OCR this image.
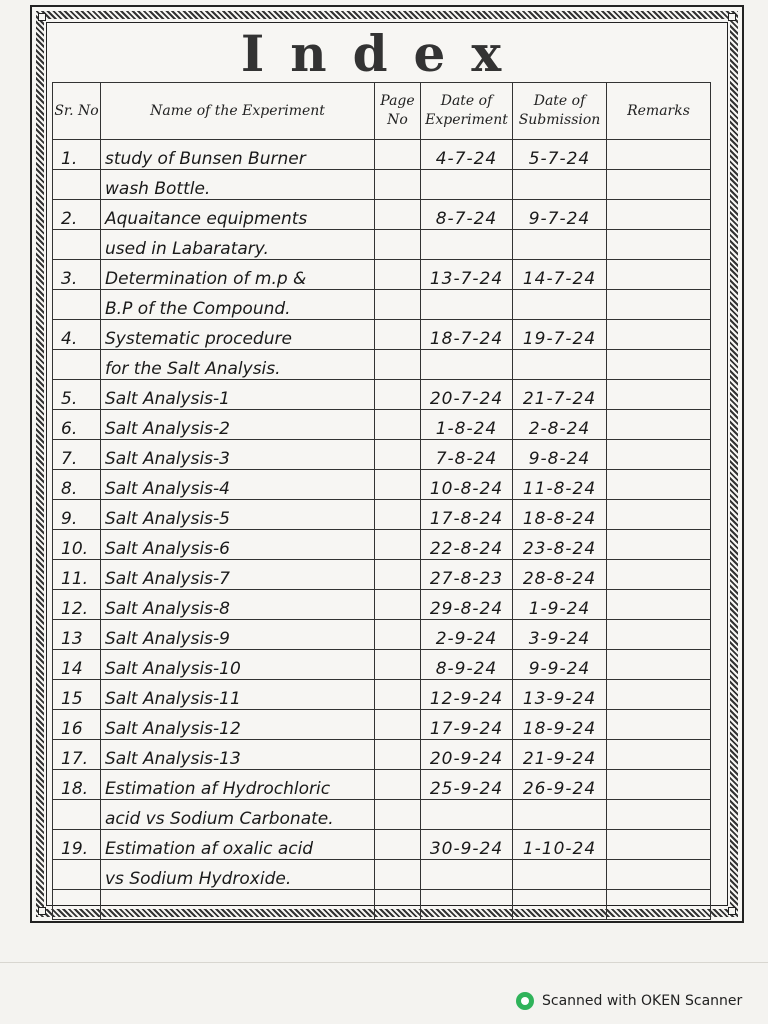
Index
Sr. No	Name of the Experiment	Page No	Date of Experiment	Date of Submission	Remarks
1.	study of Bunsen Burner		4-7-24	5-7-24	
	wash Bottle.				
2.	Aquaitance equipments		8-7-24	9-7-24	
	used in Labaratary.				
3.	Determination of m.p &		13-7-24	14-7-24	
	B.P of the Compound.				
4.	Systematic procedure		18-7-24	19-7-24	
	for the Salt Analysis.				
5.	Salt Analysis-1		20-7-24	21-7-24	
6.	Salt Analysis-2		1-8-24	2-8-24	
7.	Salt Analysis-3		7-8-24	9-8-24	
8.	Salt Analysis-4		10-8-24	11-8-24	
9.	Salt Analysis-5		17-8-24	18-8-24	
10.	Salt Analysis-6		22-8-24	23-8-24	
11.	Salt Analysis-7		27-8-23	28-8-24	
12.	Salt Analysis-8		29-8-24	1-9-24	
13	Salt Analysis-9		2-9-24	3-9-24	
14	Salt Analysis-10		8-9-24	9-9-24	
15	Salt Analysis-11		12-9-24	13-9-24	
16	Salt Analysis-12		17-9-24	18-9-24	
17.	Salt Analysis-13		20-9-24	21-9-24	
18.	Estimation af Hydrochloric		25-9-24	26-9-24	
	acid vs Sodium Carbonate.				
19.	Estimation af oxalic acid		30-9-24	1-10-24	
	vs Sodium Hydroxide.				

Scanned with OKEN Scanner
